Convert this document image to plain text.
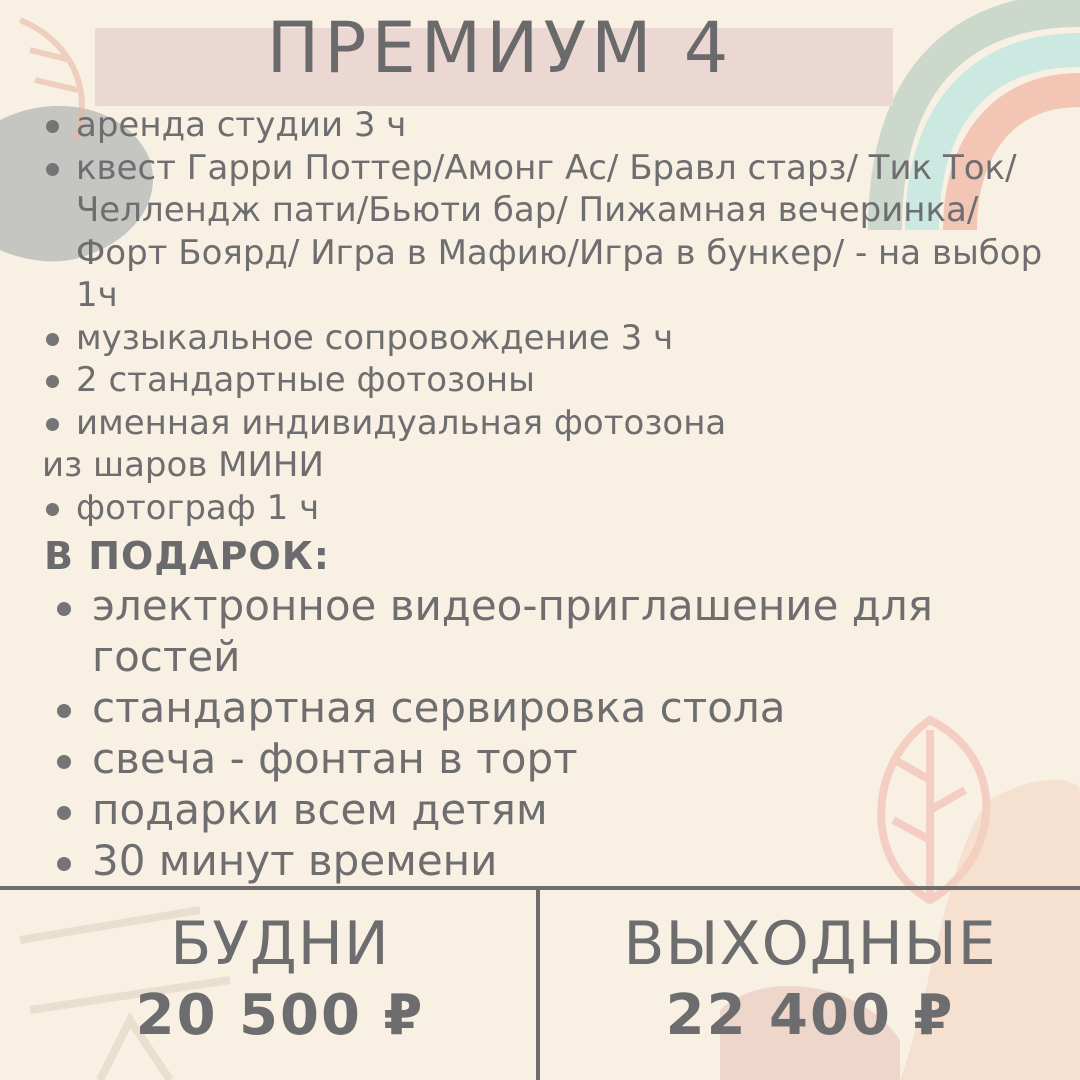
ПРЕМИУМ 4
аренда студии 3 ч
квест Гарри Поттер/Амонг Ас/ Бравл старз/ Тик Ток/Челлендж пати/Бьюти бар/ Пижамная вечеринка/Форт Боярд/ Игра в Мафию/Игра в бункер/ - на выбор 1ч
музыкальное сопровождение 3 ч
2 стандартные фотозоны
именная индивидуальная фотозона
из шаров МИНИ
фотограф 1 ч
В ПОДАРОК:
электронное видео-приглашение для гостей
стандартная сервировка стола
свеча - фонтан в торт
подарки всем детям
30 минут времени
БУДНИ
20 500 ₽
ВЫХОДНЫЕ
22 400 ₽
